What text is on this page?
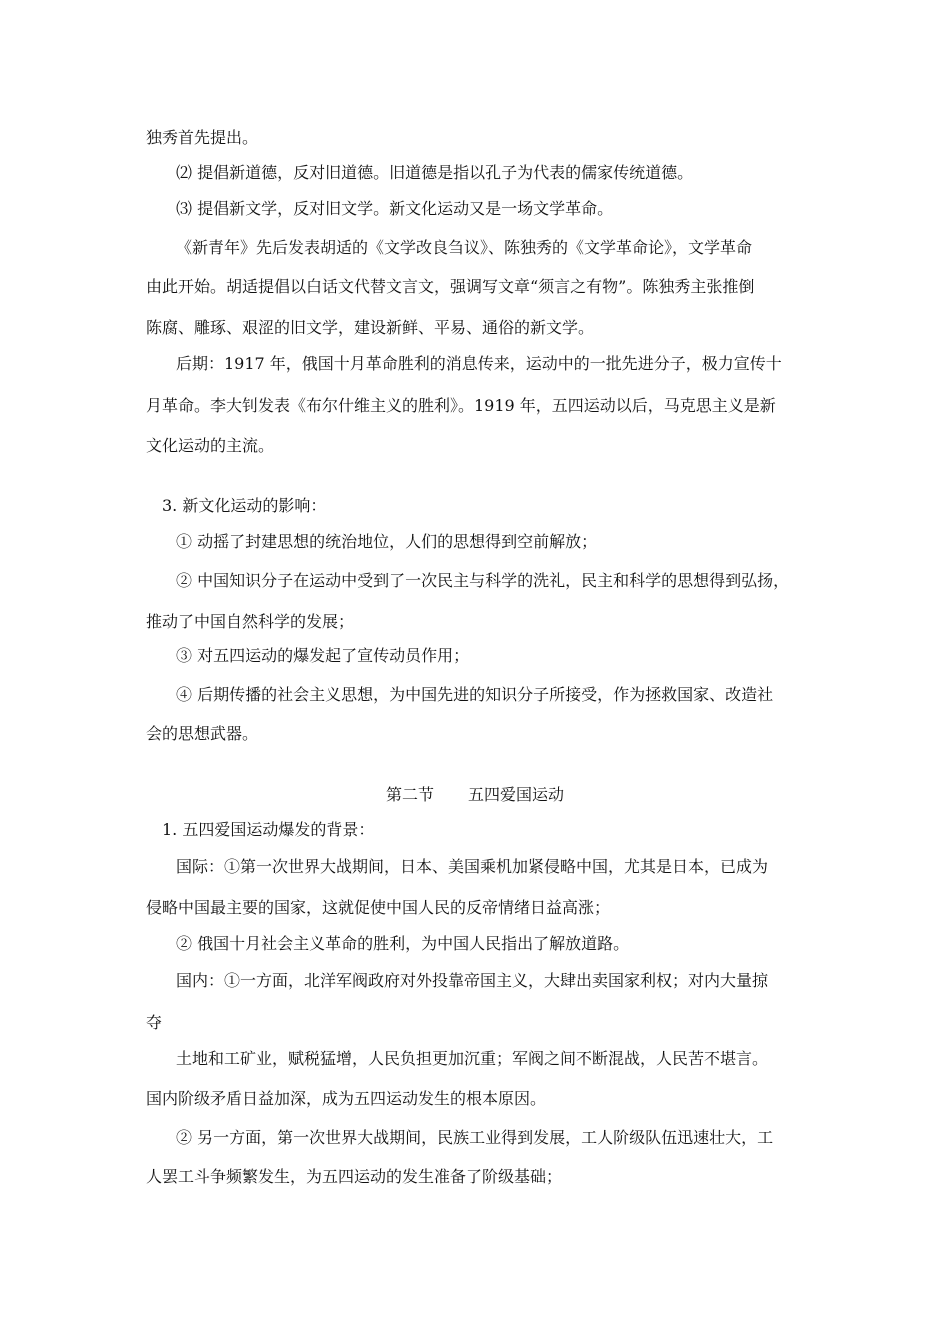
独秀首先提出。
⑵ 提倡新道德，反对旧道德。旧道德是指以孔子为代表的儒家传统道德。
⑶ 提倡新文学，反对旧文学。新文化运动又是一场文学革命。
《新青年》先后发表胡适的《文学改良刍议》、陈独秀的《文学革命论》，文学革命
由此开始。胡适提倡以白话文代替文言文，强调写文章“须言之有物”。陈独秀主张推倒
陈腐、雕琢、艰涩的旧文学，建设新鲜、平易、通俗的新文学。
后期：1917 年，俄国十月革命胜利的消息传来，运动中的一批先进分子，极力宣传十
月革命。李大钊发表《布尔什维主义的胜利》。1919 年，五四运动以后，马克思主义是新
文化运动的主流。
3. 新文化运动的影响：
① 动摇了封建思想的统治地位，人们的思想得到空前解放；
② 中国知识分子在运动中受到了一次民主与科学的洗礼，民主和科学的思想得到弘扬，
推动了中国自然科学的发展；
③ 对五四运动的爆发起了宣传动员作用；
④ 后期传播的社会主义思想，为中国先进的知识分子所接受，作为拯救国家、改造社
会的思想武器。
第二节 五四爱国运动
1. 五四爱国运动爆发的背景：
国际：①第一次世界大战期间，日本、美国乘机加紧侵略中国，尤其是日本，已成为
侵略中国最主要的国家，这就促使中国人民的反帝情绪日益高涨；
② 俄国十月社会主义革命的胜利，为中国人民指出了解放道路。
国内：①一方面，北洋军阀政府对外投靠帝国主义，大肆出卖国家利权；对内大量掠
夺
土地和工矿业，赋税猛增，人民负担更加沉重；军阀之间不断混战，人民苦不堪言。
国内阶级矛盾日益加深，成为五四运动发生的根本原因。
② 另一方面，第一次世界大战期间，民族工业得到发展，工人阶级队伍迅速壮大，工
人罢工斗争频繁发生，为五四运动的发生准备了阶级基础；
